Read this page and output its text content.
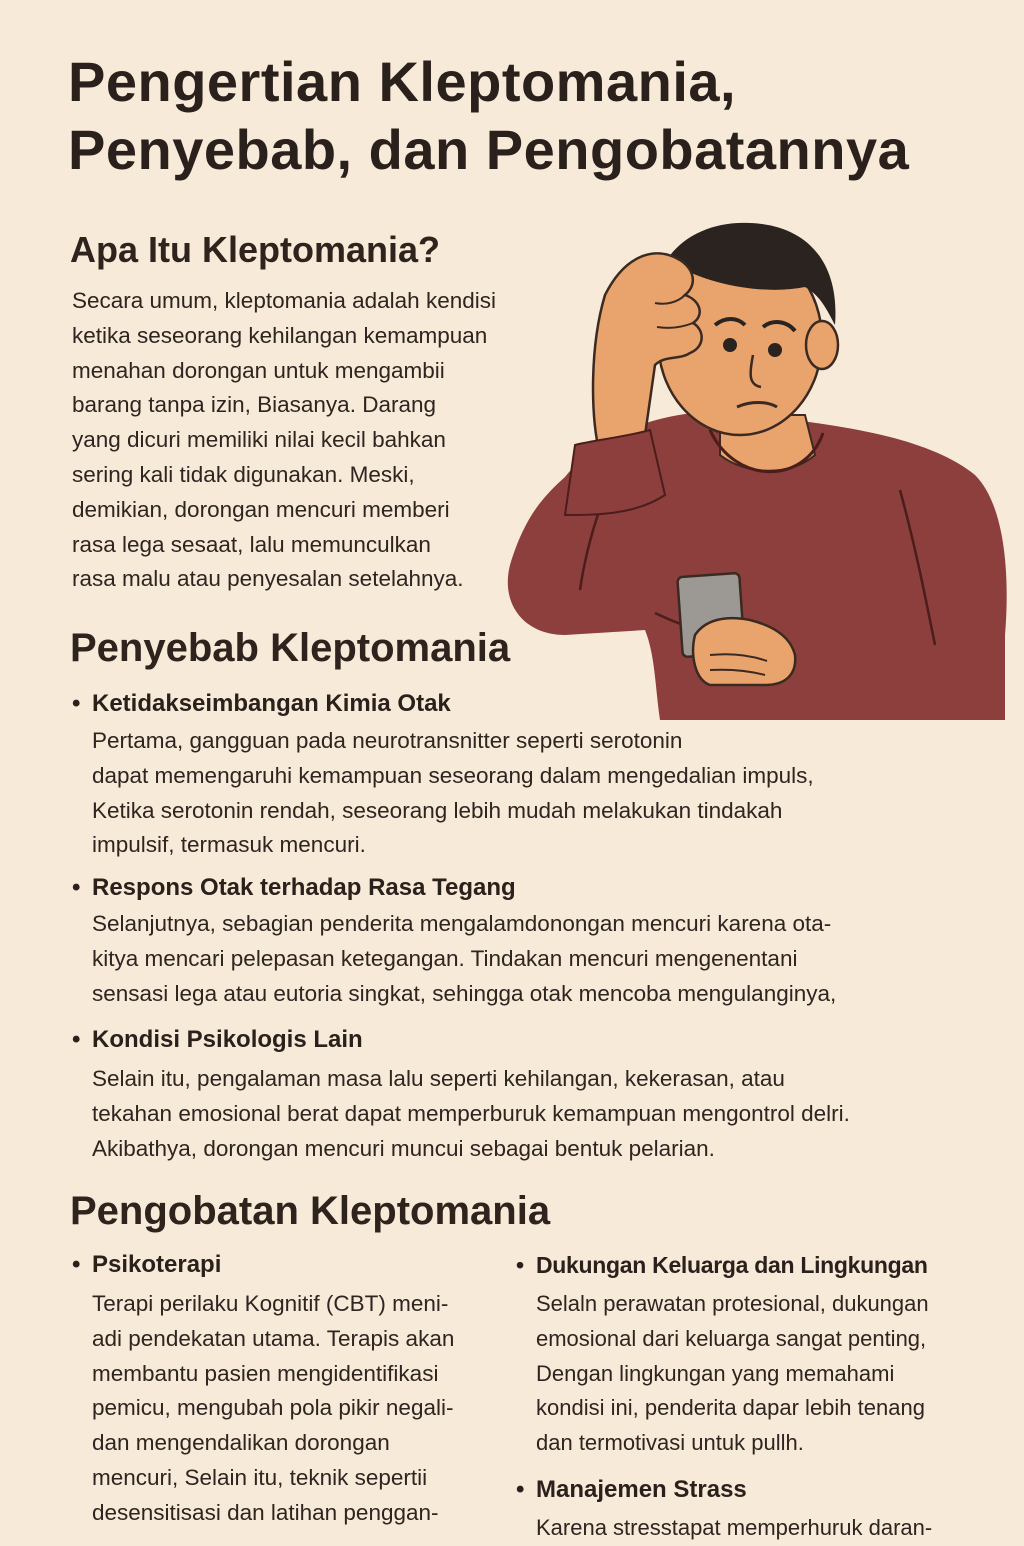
Pengertian Kleptomania,
Penyebab, dan Pengobatannya
Apa Itu Kleptomania?
Secara umum, kleptomania adalah kendisi
ketika seseorang kehilangan kemampuan
menahan dorongan untuk mengambii
barang tanpa izin, Biasanya. Darang
yang dicuri memiliki nilai kecil bahkan
sering kali tidak digunakan. Meski,
demikian, dorongan mencuri memberi
rasa lega sesaat, lalu memunculkan
rasa malu atau penyesalan setelahnya.
Penyebab Kleptomania
• Ketidakseimbangan Kimia Otak
Pertama, gangguan pada neurotransnitter seperti serotonin
dapat memengaruhi kemampuan seseorang dalam mengedalian impuls,
Ketika serotonin rendah, seseorang lebih mudah melakukan tindakah
impulsif, termasuk mencuri.
• Respons Otak terhadap Rasa Tegang
Selanjutnya, sebagian penderita mengalamdonongan mencuri karena ota-
kitya mencari pelepasan ketegangan. Tindakan mencuri mengenentani
sensasi lega atau eutoria singkat, sehingga otak mencoba mengulanginya,
• Kondisi Psikologis Lain
Selain itu, pengalaman masa lalu seperti kehilangan, kekerasan, atau
tekahan emosional berat dapat memperburuk kemampuan mengontrol delri.
Akibathya, dorongan mencuri muncui sebagai bentuk pelarian.
Pengobatan Kleptomania
• Psikoterapi
Terapi perilaku Kognitif (CBT) meni-
adi pendekatan utama. Terapis akan
membantu pasien mengidentifikasi
pemicu, mengubah pola pikir negali-
dan mengendalikan dorongan
mencuri, Selain itu, teknik sepertii
desensitisasi dan latihan penggan-
• Dukungan Keluarga dan Lingkungan
Selaln perawatan protesional, dukungan
emosional dari keluarga sangat penting,
Dengan lingkungan yang memahami
kondisi ini, penderita dapar lebih tenang
dan termotivasi untuk pullh.
• Manajemen Strass
Karena stresstapat memperhuruk daran-
